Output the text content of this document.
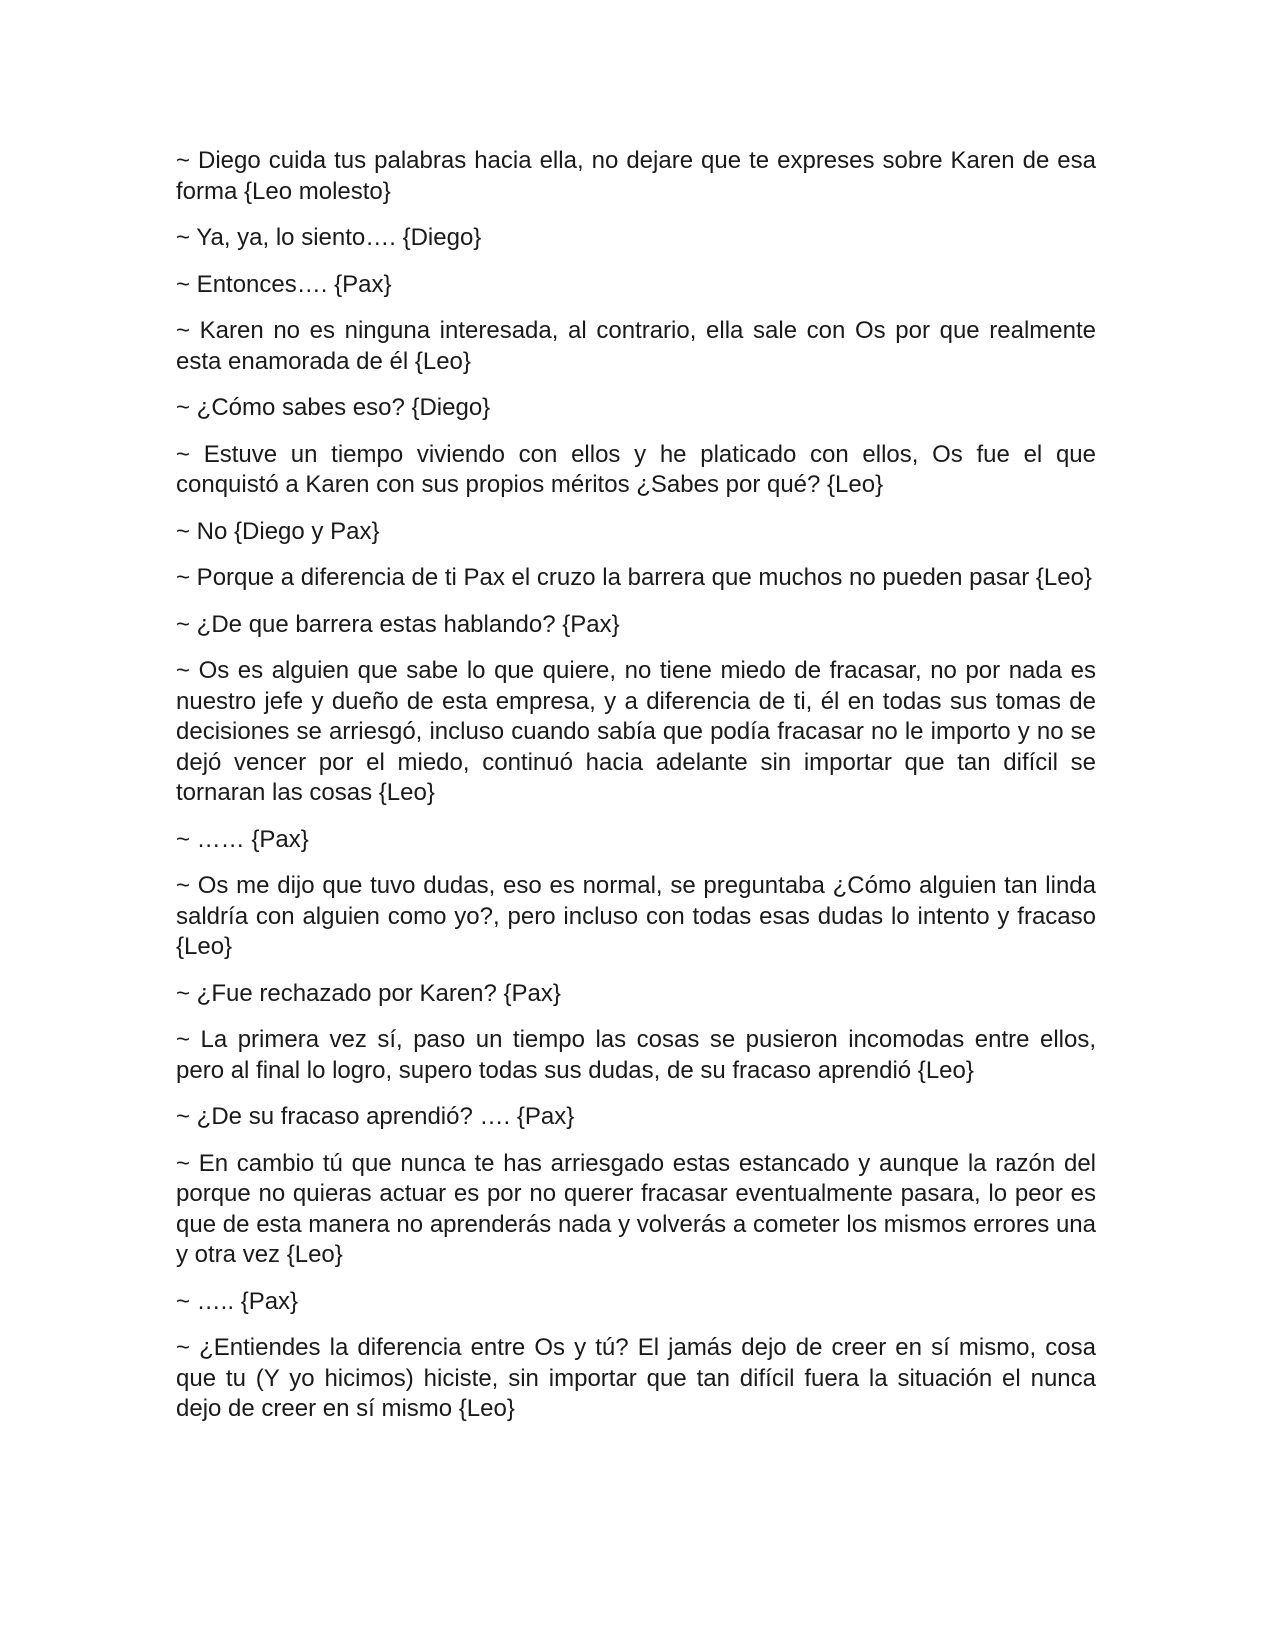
~ Diego cuida tus palabras hacia ella, no dejare que te expreses sobre Karen de esa forma {Leo molesto}

~ Ya, ya, lo siento…. {Diego}

~ Entonces…. {Pax}

~ Karen no es ninguna interesada, al contrario, ella sale con Os por que realmente esta enamorada de él {Leo}

~ ¿Cómo sabes eso? {Diego}

~ Estuve un tiempo viviendo con ellos y he platicado con ellos, Os fue el que conquistó a Karen con sus propios méritos ¿Sabes por qué? {Leo}

~ No {Diego y Pax}

~ Porque a diferencia de ti Pax el cruzo la barrera que muchos no pueden pasar {Leo}

~ ¿De que barrera estas hablando? {Pax}

~ Os es alguien que sabe lo que quiere, no tiene miedo de fracasar, no por nada es nuestro jefe y dueño de esta empresa, y a diferencia de ti, él en todas sus tomas de decisiones se arriesgó, incluso cuando sabía que podía fracasar no le importo y no se dejó vencer por el miedo, continuó hacia adelante sin importar que tan difícil se tornaran las cosas {Leo}

~ …… {Pax}

~ Os me dijo que tuvo dudas, eso es normal, se preguntaba ¿Cómo alguien tan linda saldría con alguien como yo?, pero incluso con todas esas dudas lo intento y fracaso {Leo}

~ ¿Fue rechazado por Karen? {Pax}

~ La primera vez sí, paso un tiempo las cosas se pusieron incomodas entre ellos, pero al final lo logro, supero todas sus dudas, de su fracaso aprendió {Leo}

~ ¿De su fracaso aprendió? …. {Pax}

~ En cambio tú que nunca te has arriesgado estas estancado y aunque la razón del porque no quieras actuar es por no querer fracasar eventualmente pasara, lo peor es que de esta manera no aprenderás nada y volverás a cometer los mismos errores una y otra vez {Leo}

~ ….. {Pax}

~ ¿Entiendes la diferencia entre Os y tú? El jamás dejo de creer en sí mismo, cosa que tu (Y yo hicimos) hiciste, sin importar que tan difícil fuera la situación el nunca dejo de creer en sí mismo {Leo}
